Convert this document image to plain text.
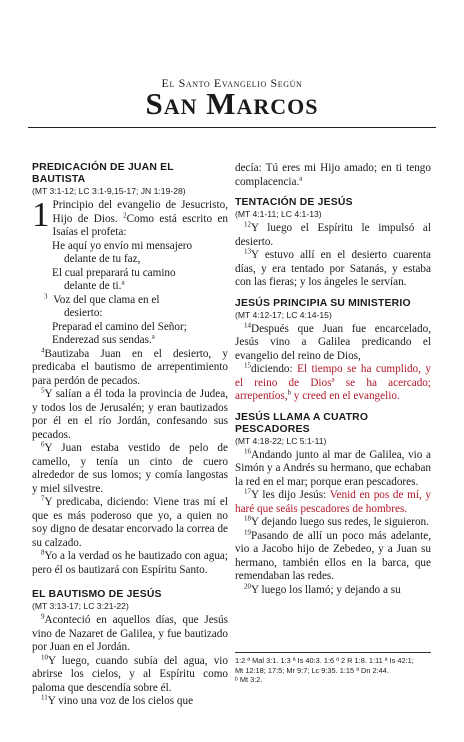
El Santo Evangelio Según
San Marcos
PREDICACIÓN DE JUAN EL BAUTISTA
(MT 3:1-12; LC 3:1-9,15-17; JN 1:19-28)
1 Principio del evangelio de Jesucristo, Hijo de Dios. $^2$Como está escrito en Isaías el profeta:
He aquí yo envío mi mensajero
delante de tu faz,
El cual preparará tu camino
delante de ti.$^a$
$^3$ Voz del que clama en el
desierto:
Preparad el camino del Señor;
Enderezad sus sendas.$^a$
$^4$Bautizaba Juan en el desierto, y predicaba el bautismo de arrepentimiento para perdón de pecados.
$^5$Y salían a él toda la provincia de Judea, y todos los de Jerusalén; y eran bautizados por él en el río Jordán, confesando sus pecados.
$^6$Y Juan estaba vestido de pelo de camello, y tenía un cinto de cuero alrededor de sus lomos; y comía langostas y miel silvestre.
$^7$Y predicaba, diciendo: Viene tras mí el que es más poderoso que yo, a quien no soy digno de desatar encorvado la correa de su calzado.
$^8$Yo a la verdad os he bautizado con agua; pero él os bautizará con Espíritu Santo.
EL BAUTISMO DE JESÚS
(MT 3:13-17; LC 3:21-22)
$^9$Aconteció en aquellos días, que Jesús vino de Nazaret de Galilea, y fue bautizado por Juan en el Jordán.
$^{10}$Y luego, cuando subía del agua, vio abrirse los cielos, y al Espíritu como paloma que descendía sobre él.
$^{11}$Y vino una voz de los cielos que
decía: Tú eres mi Hijo amado; en ti tengo complacencia.$^a$
TENTACIÓN DE JESÚS
(MT 4:1-11; LC 4:1-13)
$^{12}$Y luego el Espíritu le impulsó al desierto.
$^{13}$Y estuvo allí en el desierto cuarenta días, y era tentado por Satanás, y estaba con las fieras; y los ángeles le servían.
JESÚS PRINCIPIA SU MINISTERIO
(MT 4:12-17; LC 4:14-15)
$^{14}$Después que Juan fue encarcelado, Jesús vino a Galilea predicando el evangelio del reino de Dios,
$^{15}$diciendo: El tiempo se ha cumplido, y el reino de Dios$^a$ se ha acercado; arrepentíos,$^b$ y creed en el evangelio.
JESÚS LLAMA A CUATRO PESCADORES
(MT 4:18-22; LC 5:1-11)
$^{16}$Andando junto al mar de Galilea, vio a Simón y a Andrés su hermano, que echaban la red en el mar; porque eran pescadores.
$^{17}$Y les dijo Jesús: Venid en pos de mí, y haré que seáis pescadores de hombres.
$^{18}$Y dejando luego sus redes, le siguieron.
$^{19}$Pasando de allí un poco más adelante, vio a Jacobo hijo de Zebedeo, y a Juan su hermano, también ellos en la barca, que remendaban las redes.
$^{20}$Y luego los llamó; y dejando a su
1:2 ª Mal 3:1. 1:3 ª Is 40:3. 1:6 ª 2 R 1:8. 1:11 ª Is 42:1;
Mt 12:18; 17:5; Mr 9:7; Lc 9:35. 1:15 ª Dn 2:44.
ᵇ Mt 3:2.
